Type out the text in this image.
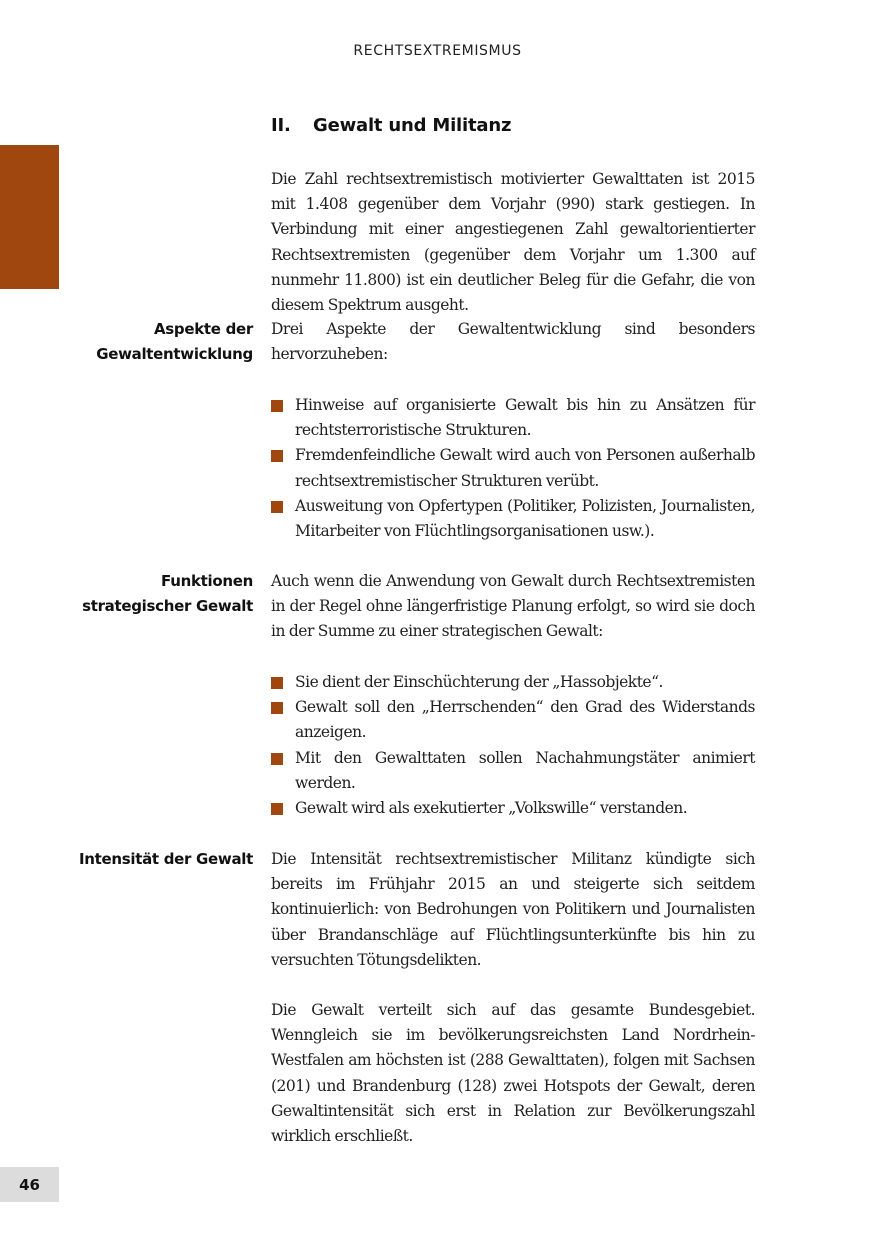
RECHTSEXTREMISMUS
II. Gewalt und Militanz

Die Zahl rechtsextremistisch motivierter Gewalttaten ist 2015 mit 1.408 gegenüber dem Vorjahr (990) stark gestiegen. In Verbindung mit einer angestiegenen Zahl gewaltorientierter Rechtsextremisten (gegenüber dem Vorjahr um 1.300 auf nunmehr 11.800) ist ein deutlicher Beleg für die Gefahr, die von diesem Spektrum ausgeht.

Aspekte der
Gewaltentwicklung

Drei Aspekte der Gewaltentwicklung sind besonders hervorzuheben:

Hinweise auf organisierte Gewalt bis hin zu Ansätzen für rechtsterroristische Strukturen.
Fremdenfeindliche Gewalt wird auch von Personen außerhalb rechtsextremistischer Strukturen verübt.
Ausweitung von Opfertypen (Politiker, Polizisten, Journalisten, Mitarbeiter von Flüchtlingsorganisationen usw.).
Funktionen
strategischer Gewalt

Auch wenn die Anwendung von Gewalt durch Rechtsextremisten in der Regel ohne längerfristige Planung erfolgt, so wird sie doch in der Summe zu einer strategischen Gewalt:

Sie dient der Einschüchterung der „Hassobjekte“.
Gewalt soll den „Herrschenden“ den Grad des Widerstands anzeigen.
Mit den Gewalttaten sollen Nachahmungstäter animiert werden.
Gewalt wird als exekutierter „Volkswille“ verstanden.
Intensität der Gewalt Die Intensität rechtsextremistischer Militanz kündigte sich bereits im Frühjahr 2015 an und steigerte sich seitdem kontinuierlich: von Bedrohungen von Politikern und Journalisten über Brandanschläge auf Flüchtlingsunterkünfte bis hin zu versuchten Tötungsdelikten.

Die Gewalt verteilt sich auf das gesamte Bundesgebiet. Wenngleich sie im bevölkerungsreichsten Land Nordrhein-Westfalen am höchsten ist (288 Gewalttaten), folgen mit Sachsen (201) und Brandenburg (128) zwei Hotspots der Gewalt, deren Gewaltintensität sich erst in Relation zur Bevölkerungszahl wirklich erschließt.

46
